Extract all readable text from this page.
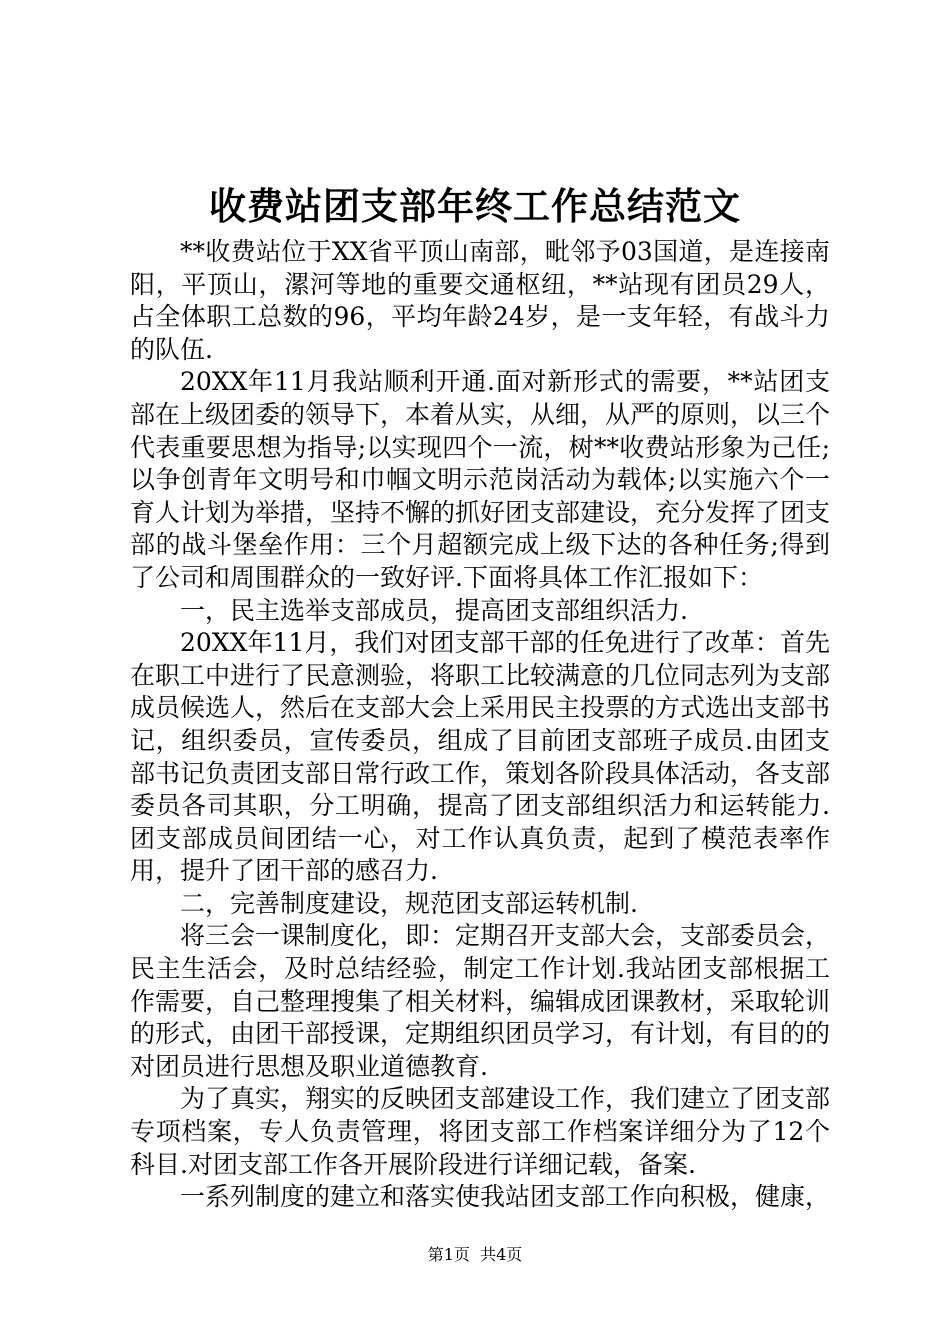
收费站团支部年终工作总结范文

**收费站位于XX省平顶山南部，毗邻予03国道，是连接南阳，平顶山，漯河等地的重要交通枢纽，**站现有团员29人，占全体职工总数的96，平均年龄24岁，是一支年轻，有战斗力的队伍.

20XX年11月我站顺利开通.面对新形式的需要，**站团支部在上级团委的领导下，本着从实，从细，从严的原则，以三个代表重要思想为指导;以实现四个一流，树**收费站形象为己任;以争创青年文明号和巾帼文明示范岗活动为载体;以实施六个一育人计划为举措，坚持不懈的抓好团支部建设，充分发挥了团支部的战斗堡垒作用：三个月超额完成上级下达的各种任务;得到了公司和周围群众的一致好评.下面将具体工作汇报如下：

一，民主选举支部成员，提高团支部组织活力.

20XX年11月，我们对团支部干部的任免进行了改革：首先在职工中进行了民意测验，将职工比较满意的几位同志列为支部成员候选人，然后在支部大会上采用民主投票的方式选出支部书记，组织委员，宣传委员，组成了目前团支部班子成员.由团支部书记负责团支部日常行政工作，策划各阶段具体活动，各支部委员各司其职，分工明确，提高了团支部组织活力和运转能力.团支部成员间团结一心，对工作认真负责，起到了模范表率作用，提升了团干部的感召力.

二，完善制度建设，规范团支部运转机制.

将三会一课制度化，即：定期召开支部大会，支部委员会，民主生活会，及时总结经验，制定工作计划.我站团支部根据工作需要，自己整理搜集了相关材料，编辑成团课教材，采取轮训的形式，由团干部授课，定期组织团员学习，有计划，有目的的对团员进行思想及职业道德教育.

为了真实，翔实的反映团支部建设工作，我们建立了团支部专项档案，专人负责管理，将团支部工作档案详细分为了12个科目.对团支部工作各开展阶段进行详细记载，备案.

一系列制度的建立和落实使我站团支部工作向积极，健康，

第1页 共4页
